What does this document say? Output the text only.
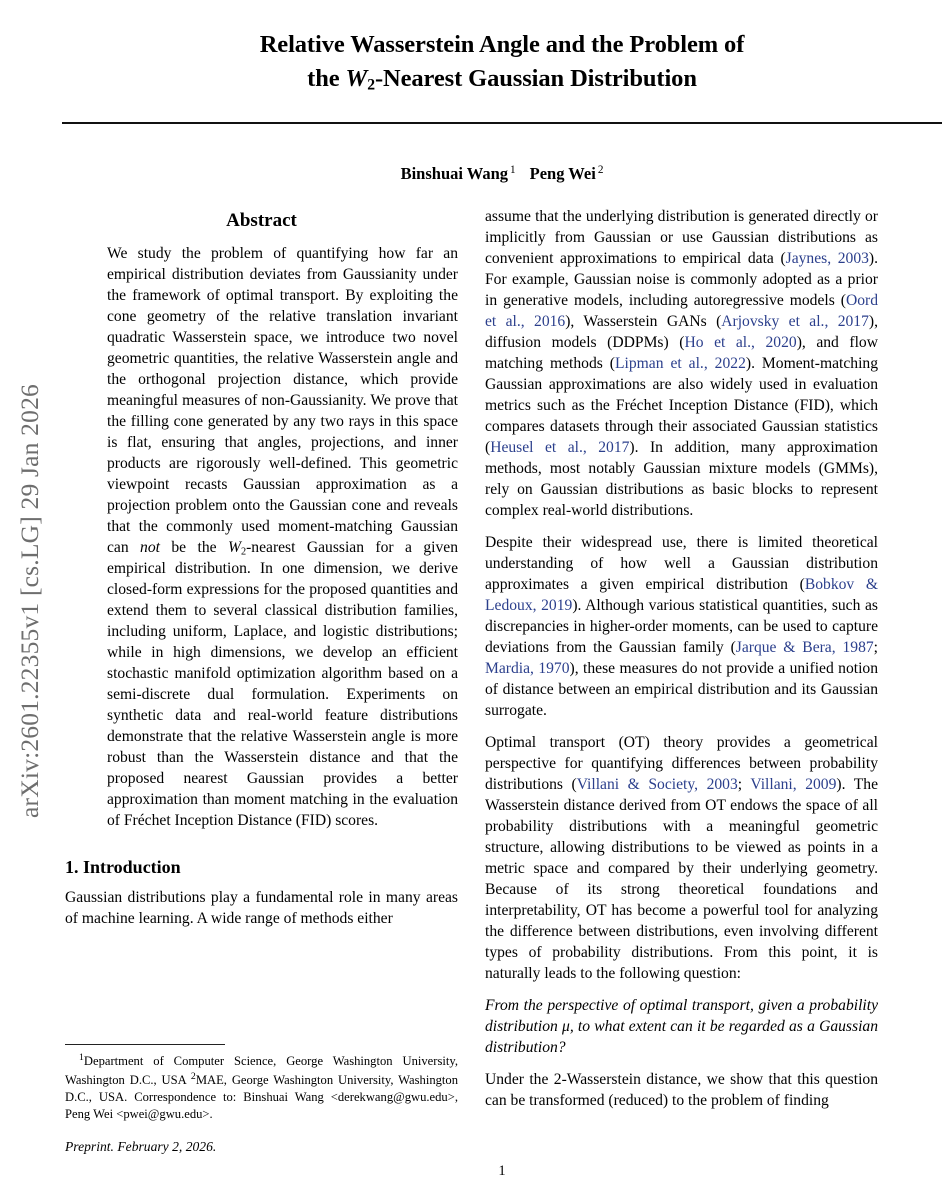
arXiv:2601.22355v1 [cs.LG] 29 Jan 2026
Relative Wasserstein Angle and the Problem of
the $W_2$-Nearest Gaussian Distribution
Binshuai Wang $^1$ Peng Wei $^2$
Abstract

We study the problem of quantifying how far an empirical distribution deviates from Gaussianity under the framework of optimal transport. By exploiting the cone geometry of the relative translation invariant quadratic Wasserstein space, we introduce two novel geometric quantities, the relative Wasserstein angle and the orthogonal projection distance, which provide meaningful measures of non-Gaussianity. We prove that the filling cone generated by any two rays in this space is flat, ensuring that angles, projections, and inner products are rigorously well-defined. This geometric viewpoint recasts Gaussian approximation as a projection problem onto the Gaussian cone and reveals that the commonly used moment-matching Gaussian can not be the $W_2$-nearest Gaussian for a given empirical distribution. In one dimension, we derive closed-form expressions for the proposed quantities and extend them to several classical distribution families, including uniform, Laplace, and logistic distributions; while in high dimensions, we develop an efficient stochastic manifold optimization algorithm based on a semi-discrete dual formulation. Experiments on synthetic data and real-world feature distributions demonstrate that the relative Wasserstein angle is more robust than the Wasserstein distance and that the proposed nearest Gaussian provides a better approximation than moment matching in the evaluation of Fréchet Inception Distance (FID) scores.

1. Introduction

Gaussian distributions play a fundamental role in many areas of machine learning. A wide range of methods either

assume that the underlying distribution is generated directly or implicitly from Gaussian or use Gaussian distributions as convenient approximations to empirical data (Jaynes, 2003). For example, Gaussian noise is commonly adopted as a prior in generative models, including autoregressive models (Oord et al., 2016), Wasserstein GANs (Arjovsky et al., 2017), diffusion models (DDPMs) (Ho et al., 2020), and flow matching methods (Lipman et al., 2022). Moment-matching Gaussian approximations are also widely used in evaluation metrics such as the Fréchet Inception Distance (FID), which compares datasets through their associated Gaussian statistics (Heusel et al., 2017). In addition, many approximation methods, most notably Gaussian mixture models (GMMs), rely on Gaussian distributions as basic blocks to represent complex real-world distributions.

Despite their widespread use, there is limited theoretical understanding of how well a Gaussian distribution approximates a given empirical distribution (Bobkov & Ledoux, 2019). Although various statistical quantities, such as discrepancies in higher-order moments, can be used to capture deviations from the Gaussian family (Jarque & Bera, 1987; Mardia, 1970), these measures do not provide a unified notion of distance between an empirical distribution and its Gaussian surrogate.

Optimal transport (OT) theory provides a geometrical perspective for quantifying differences between probability distributions (Villani & Society, 2003; Villani, 2009). The Wasserstein distance derived from OT endows the space of all probability distributions with a meaningful geometric structure, allowing distributions to be viewed as points in a metric space and compared by their underlying geometry. Because of its strong theoretical foundations and interpretability, OT has become a powerful tool for analyzing the difference between distributions, even involving different types of probability distributions. From this point, it is naturally leads to the following question:

From the perspective of optimal transport, given a probability distribution μ, to what extent can it be regarded as a Gaussian distribution?

Under the 2-Wasserstein distance, we show that this question can be transformed (reduced) to the problem of finding

$^1$Department of Computer Science, George Washington University, Washington D.C., USA $^2$MAE, George Washington University, Washington D.C., USA. Correspondence to: Binshuai Wang <derekwang@gwu.edu>, Peng Wei <pwei@gwu.edu>.

Preprint. February 2, 2026.

1
